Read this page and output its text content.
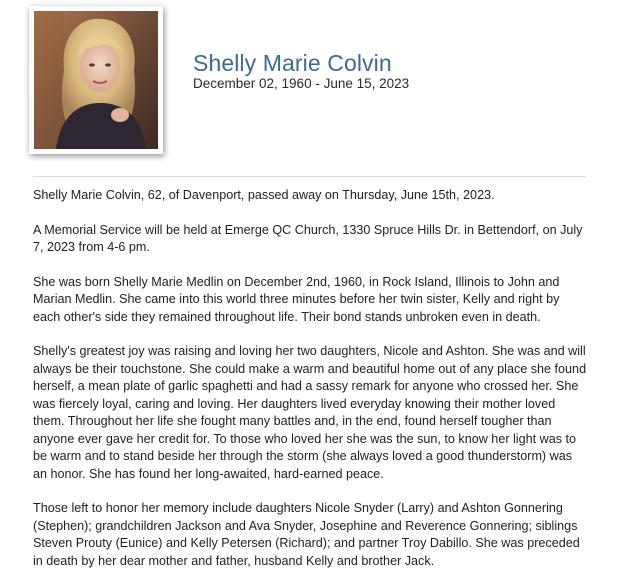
Shelly Marie Colvin
December 02, 1960 - June 15, 2023

Shelly Marie Colvin, 62, of Davenport, passed away on Thursday, June 15th, 2023.

A Memorial Service will be held at Emerge QC Church, 1330 Spruce Hills Dr. in Bettendorf, on July 7, 2023 from 4-6 pm.

She was born Shelly Marie Medlin on December 2nd, 1960, in Rock Island, Illinois to John and Marian Medlin. She came into this world three minutes before her twin sister, Kelly and right by each other's side they remained throughout life. Their bond stands unbroken even in death.

Shelly's greatest joy was raising and loving her two daughters, Nicole and Ashton. She was and will always be their touchstone. She could make a warm and beautiful home out of any place she found herself, a mean plate of garlic spaghetti and had a sassy remark for anyone who crossed her. She was fiercely loyal, caring and loving. Her daughters lived everyday knowing their mother loved them. Throughout her life she fought many battles and, in the end, found herself tougher than anyone ever gave her credit for. To those who loved her she was the sun, to know her light was to be warm and to stand beside her through the storm (she always loved a good thunderstorm) was an honor. She has found her long-awaited, hard-earned peace.

Those left to honor her memory include daughters Nicole Snyder (Larry) and Ashton Gonnering (Stephen); grandchildren Jackson and Ava Snyder, Josephine and Reverence Gonnering; siblings Steven Prouty (Eunice) and Kelly Petersen (Richard); and partner Troy Dabillo. She was preceded in death by her dear mother and father, husband Kelly and brother Jack.
